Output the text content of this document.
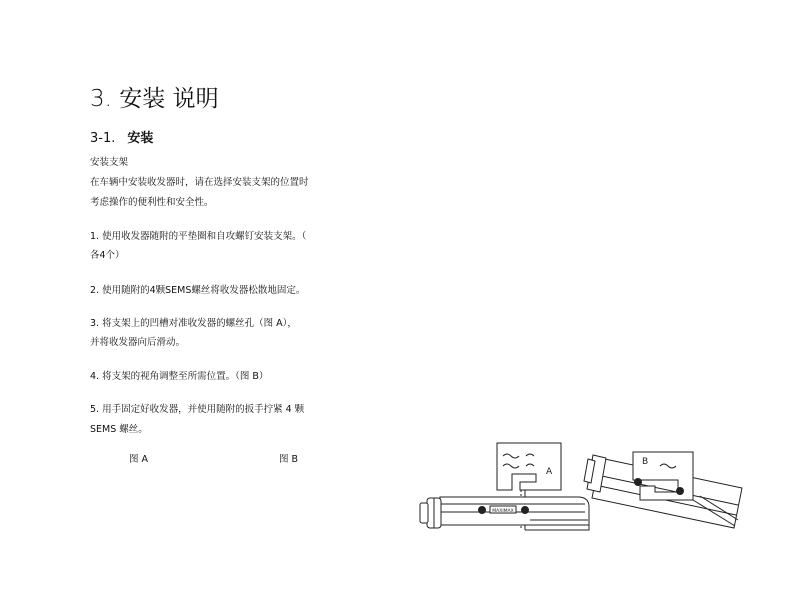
3. 安装 说明
3-1. 安装
安装支架
在车辆中安装收发器时，请在选择安装支架的位置时
考虑操作的便利性和安全性。
1. 使用收发器随附的平垫圈和自攻螺钉安装支架。（
各4个）
2. 使用随附的4颗SEMS螺丝将收发器松散地固定。
3. 将支架上的凹槽对准收发器的螺丝孔（图 A），
并将收发器向后滑动。
4. 将支架的视角调整至所需位置。（图 B）
5. 用手固定好收发器，并使用随附的扳手拧紧 4 颗
SEMS 螺丝。
图 A	图 B
MAXIMAX
A
B
